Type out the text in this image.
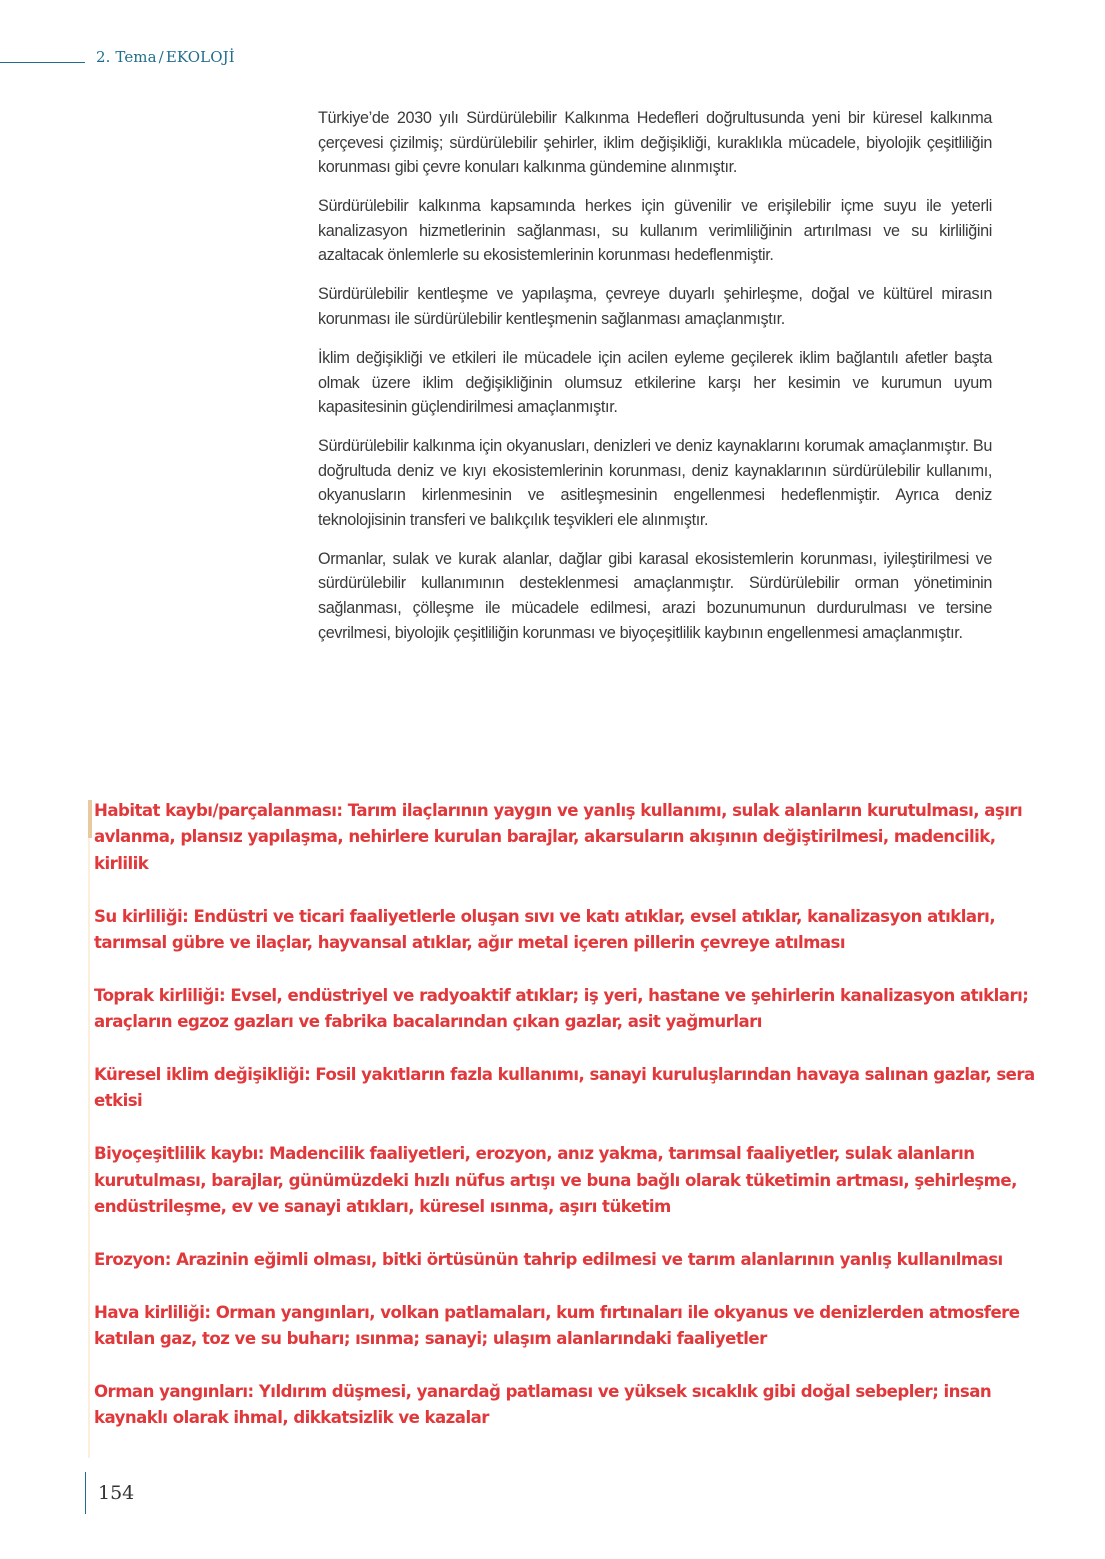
2. Tema / EKOLOJİ

Türkiye’de 2030 yılı Sürdürülebilir Kalkınma Hedefleri doğrultusunda yeni bir küresel kalkınma çerçevesi çizilmiş; sürdürülebilir şehirler, iklim değişikliği, kuraklıkla mücadele, biyolojik çeşitliliğin korunması gibi çevre konuları kalkınma gündemine alınmıştır.

Sürdürülebilir kalkınma kapsamında herkes için güvenilir ve erişilebilir içme suyu ile yeterli kanalizasyon hizmetlerinin sağlanması, su kullanım verimliliğinin artırılması ve su kirliliğini azaltacak önlemlerle su ekosistemlerinin korunması hedeflenmiştir.

Sürdürülebilir kentleşme ve yapılaşma, çevreye duyarlı şehirleşme, doğal ve kültürel mirasın korunması ile sürdürülebilir kentleşmenin sağlanması amaçlanmıştır.

İklim değişikliği ve etkileri ile mücadele için acilen eyleme geçilerek iklim bağlantılı afetler başta olmak üzere iklim değişikliğinin olumsuz etkilerine karşı her kesimin ve kurumun uyum kapasitesinin güçlendirilmesi amaçlanmıştır.

Sürdürülebilir kalkınma için okyanusları, denizleri ve deniz kaynaklarını korumak amaçlanmıştır. Bu doğrultuda deniz ve kıyı ekosistemlerinin korunması, deniz kaynaklarının sürdürülebilir kullanımı, okyanusların kirlenmesinin ve asitleşmesinin engellenmesi hedeflenmiştir. Ayrıca deniz teknolojisinin transferi ve balıkçılık teşvikleri ele alınmıştır.

Ormanlar, sulak ve kurak alanlar, dağlar gibi karasal ekosistemlerin korunması, iyileştirilmesi ve sürdürülebilir kullanımının desteklenmesi amaçlanmıştır. Sürdürülebilir orman yönetiminin sağlanması, çölleşme ile mücadele edilmesi, arazi bozunumunun durdurulması ve tersine çevrilmesi, biyolojik çeşitliliğin korunması ve biyoçeşitlilik kaybının engellenmesi amaçlanmıştır.

Habitat kaybı/parçalanması: Tarım ilaçlarının yaygın ve yanlış kullanımı, sulak alanların kurutulması, aşırı avlanma, plansız yapılaşma, nehirlere kurulan barajlar, akarsuların akışının değiştirilmesi, madencilik, kirlilik

Su kirliliği: Endüstri ve ticari faaliyetlerle oluşan sıvı ve katı atıklar, evsel atıklar, kanalizasyon atıkları, tarımsal gübre ve ilaçlar, hayvansal atıklar, ağır metal içeren pillerin çevreye atılması

Toprak kirliliği: Evsel, endüstriyel ve radyoaktif atıklar; iş yeri, hastane ve şehirlerin kanalizasyon atıkları; araçların egzoz gazları ve fabrika bacalarından çıkan gazlar, asit yağmurları

Küresel iklim değişikliği: Fosil yakıtların fazla kullanımı, sanayi kuruluşlarından havaya salınan gazlar, sera etkisi

Biyoçeşitlilik kaybı: Madencilik faaliyetleri, erozyon, anız yakma, tarımsal faaliyetler, sulak alanların kurutulması, barajlar, günümüzdeki hızlı nüfus artışı ve buna bağlı olarak tüketimin artması, şehirleşme, endüstrileşme, ev ve sanayi atıkları, küresel ısınma, aşırı tüketim

Erozyon: Arazinin eğimli olması, bitki örtüsünün tahrip edilmesi ve tarım alanlarının yanlış kullanılması

Hava kirliliği: Orman yangınları, volkan patlamaları, kum fırtınaları ile okyanus ve denizlerden atmosfere katılan gaz, toz ve su buharı; ısınma; sanayi; ulaşım alanlarındaki faaliyetler

Orman yangınları: Yıldırım düşmesi, yanardağ patlaması ve yüksek sıcaklık gibi doğal sebepler; insan kaynaklı olarak ihmal, dikkatsizlik ve kazalar

154
